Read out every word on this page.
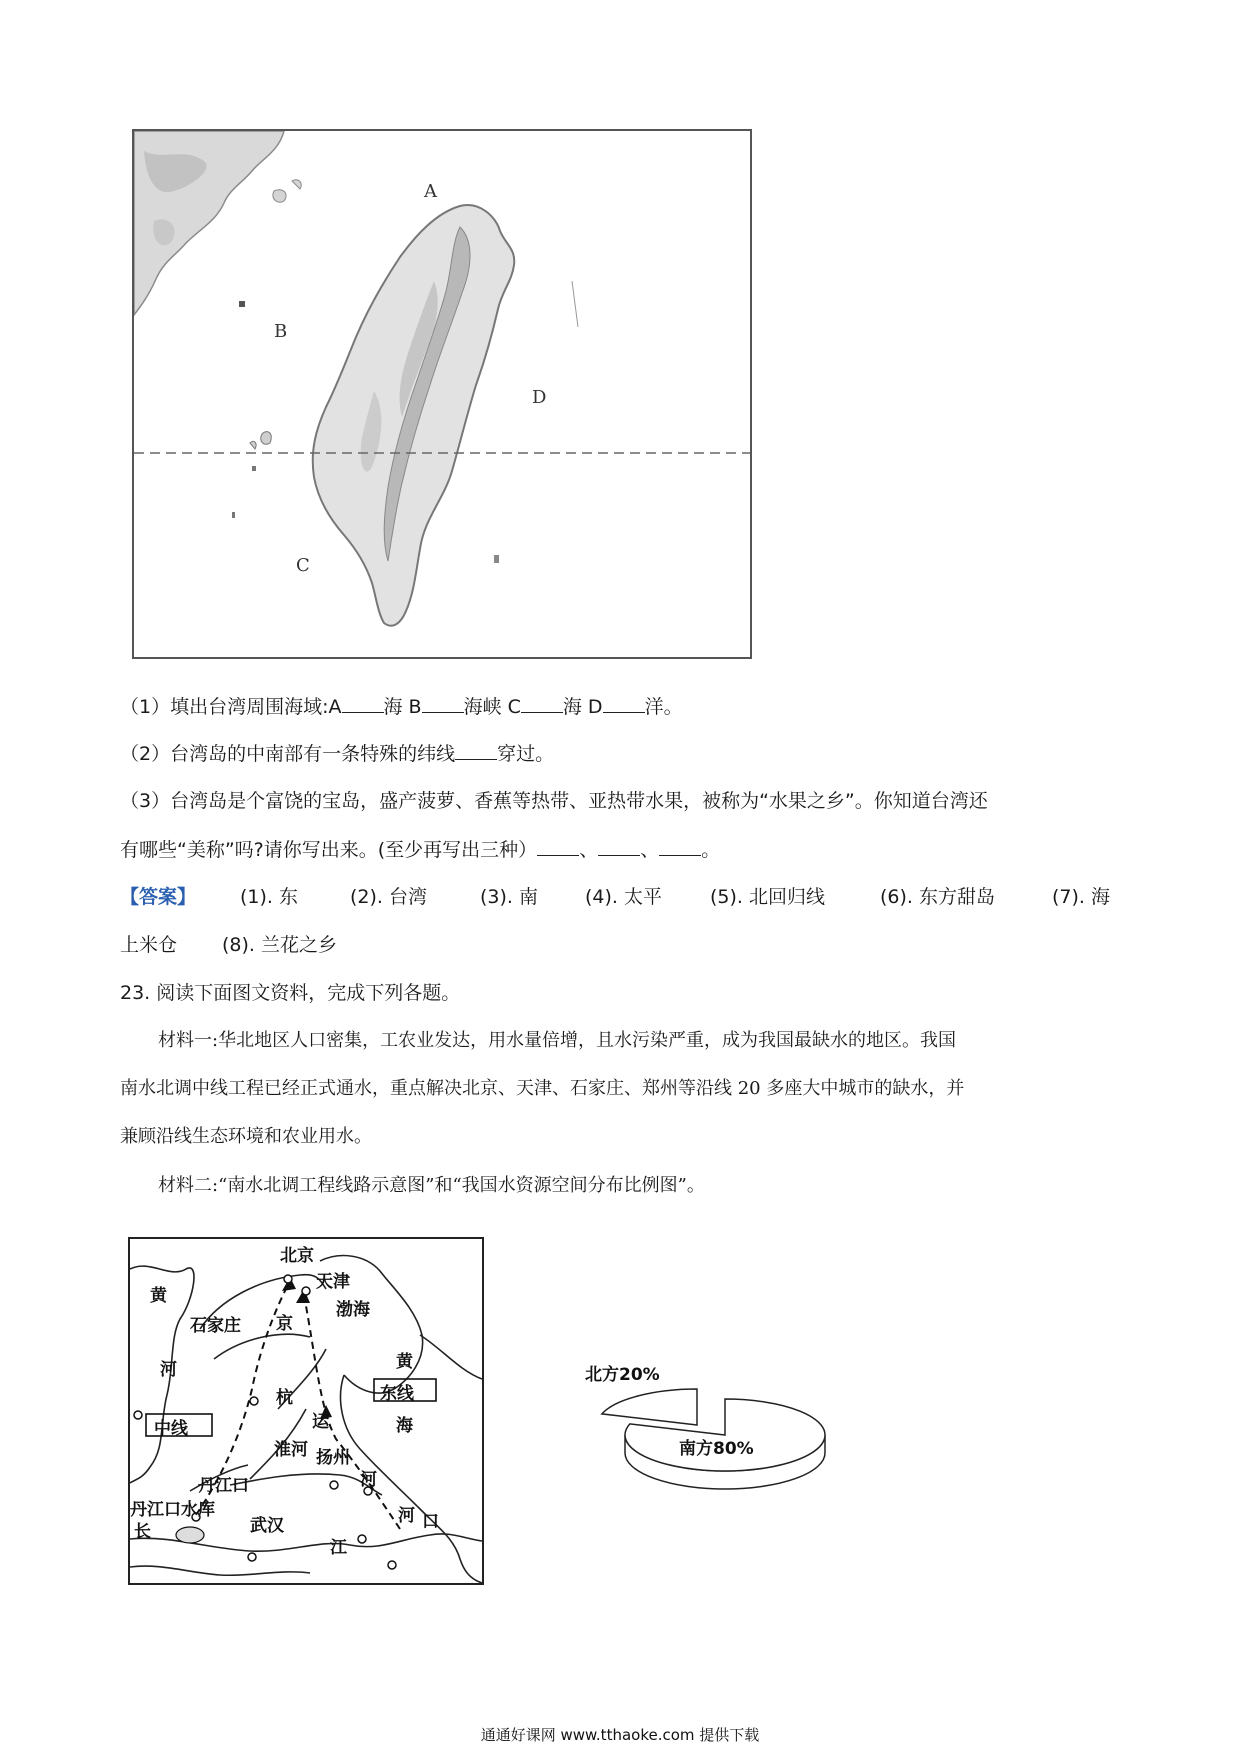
A
B
D
C
（1）填出台湾周围海域:A 海 B 海峡 C 海 D 洋。
（2）台湾岛的中南部有一条特殊的纬线 穿过。
（3）台湾岛是个富饶的宝岛，盛产菠萝、香蕉等热带、亚热带水果，被称为“水果之乡”。你知道台湾还
有哪些“美称”吗?请你写出来。(至少再写出三种） 、 、 。
【答案】 (1). 东	(2). 台湾	(3). 南 (4). 太平	(5). 北回归线	(6). 东方甜岛	(7). 海
上米仓 (8). 兰花之乡
23. 阅读下面图文资料，完成下列各题。
材料一:华北地区人口密集，工农业发达，用水量倍增，且水污染严重，成为我国最缺水的地区。我国
南水北调中线工程已经正式通水，重点解决北京、天津、石家庄、郑州等沿线 20 多座大中城市的缺水，并
兼顾沿线生态环境和农业用水。
材料二:“南水北调工程线路示意图”和“我国水资源空间分布比例图”。
北京
天津
渤海
黄
河
石家庄 京
杭
运
河
黄
海
东线
中线
淮河 扬州
丹江口
丹江口水库
长	武汉
江
河 口
北方20%
南方80%
通通好课网 www.tthaoke.com 提供下载
